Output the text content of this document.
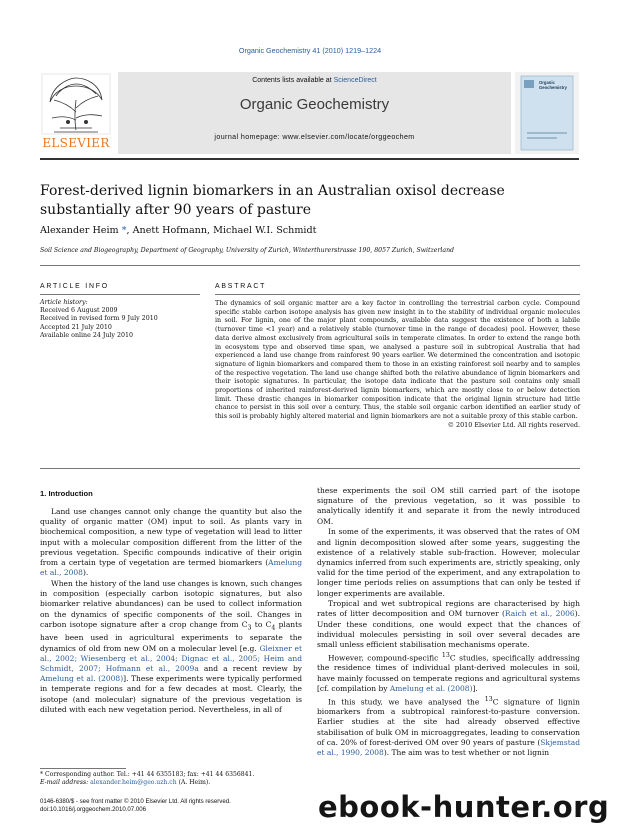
Organic Geochemistry 41 (2010) 1219–1224
ELSEVIER
Contents lists available at ScienceDirect
Organic Geochemistry
journal homepage: www.elsevier.com/locate/orggeochem
Organic Geochemistry
Forest-derived lignin biomarkers in an Australian oxisol decrease substantially after 90 years of pasture
Alexander Heim *, Anett Hofmann, Michael W.I. Schmidt
Soil Science and Biogeography, Department of Geography, University of Zurich, Winterthurerstrasse 190, 8057 Zurich, Switzerland
ARTICLE INFO	ABSTRACT
Article history:
Received 6 August 2009
Received in revised form 9 July 2010
Accepted 21 July 2010
Available online 24 July 2010

The dynamics of soil organic matter are a key factor in controlling the terrestrial carbon cycle. Compound specific stable carbon isotope analysis has given new insight in to the stability of individual organic molecules in soil. For lignin, one of the major plant compounds, available data suggest the existence of both a labile (turnover time <1 year) and a relatively stable (turnover time in the range of decades) pool. However, these data derive almost exclusively from agricultural soils in temperate climates. In order to extend the range both in ecosystem type and observed time span, we analysed a pasture soil in subtropical Australia that had experienced a land use change from rainforest 90 years earlier. We determined the concentration and isotopic signature of lignin biomarkers and compared them to those in an existing rainforest soil nearby and to samples of the respective vegetation. The land use change shifted both the relative abundance of lignin biomarkers and their isotopic signatures. In particular, the isotope data indicate that the pasture soil contains only small proportions of inherited rainforest-derived lignin biomarkers, which are mostly close to or below detection limit. These drastic changes in biomarker composition indicate that the original lignin structure had little chance to persist in this soil over a century. Thus, the stable soil organic carbon identified an earlier study of this soil is probably highly altered material and lignin biomarkers are not a suitable proxy of this stable carbon.

© 2010 Elsevier Ltd. All rights reserved.

1. Introduction

Land use changes cannot only change the quantity but also the quality of organic matter (OM) input to soil. As plants vary in biochemical composition, a new type of vegetation will lead to litter input with a molecular composition different from the litter of the previous vegetation. Specific compounds indicative of their origin from a certain type of vegetation are termed biomarkers (Amelung et al., 2008).

When the history of the land use changes is known, such changes in composition (especially carbon isotopic signatures, but also biomarker relative abundances) can be used to collect information on the dynamics of specific components of the soil. Changes in carbon isotope signature after a crop change from $C_3$ to $C_4$ plants have been used in agricultural experiments to separate the dynamics of old from new OM on a molecular level [e.g. Gleixner et al., 2002; Wiesenberg et al., 2004; Dignac et al., 2005; Heim and Schmidt, 2007; Hofmann et al., 2009a and a recent review by Amelung et al. (2008)]. These experiments were typically performed in temperate regions and for a few decades at most. Clearly, the isotope (and molecular) signature of the previous vegetation is diluted with each new vegetation period. Nevertheless, in all of

these experiments the soil OM still carried part of the isotope signature of the previous vegetation, so it was possible to analytically identify it and separate it from the newly introduced OM.

In some of the experiments, it was observed that the rates of OM and lignin decomposition slowed after some years, suggesting the existence of a relatively stable sub-fraction. However, molecular dynamics inferred from such experiments are, strictly speaking, only valid for the time period of the experiment, and any extrapolation to longer time periods relies on assumptions that can only be tested if longer experiments are available.

Tropical and wet subtropical regions are characterised by high rates of litter decomposition and OM turnover (Raich et al., 2006). Under these conditions, one would expect that the chances of individual molecules persisting in soil over several decades are small unless efficient stabilisation mechanisms operate.

However, compound-specific $^{13}$C studies, specifically addressing the residence times of individual plant-derived molecules in soil, have mainly focussed on temperate regions and agricultural systems [cf. compilation by Amelung et al. (2008)].

In this study, we have analysed the $^{13}$C signature of lignin biomarkers from a subtropical rainforest-to-pasture conversion. Earlier studies at the site had already observed effective stabilisation of bulk OM in microaggregates, leading to conservation of ca. 20% of forest-derived OM over 90 years of pasture (Skjemstad et al., 1990, 2008). The aim was to test whether or not lignin

* Corresponding author. Tel.: +41 44 6355183; fax: +41 44 6356841.
E-mail address: alexander.heim@geo.uzh.ch (A. Heim).
0146-6380/$ - see front matter © 2010 Elsevier Ltd. All rights reserved.
doi:10.1016/j.orggeochem.2010.07.006	ebook-hunter.org
